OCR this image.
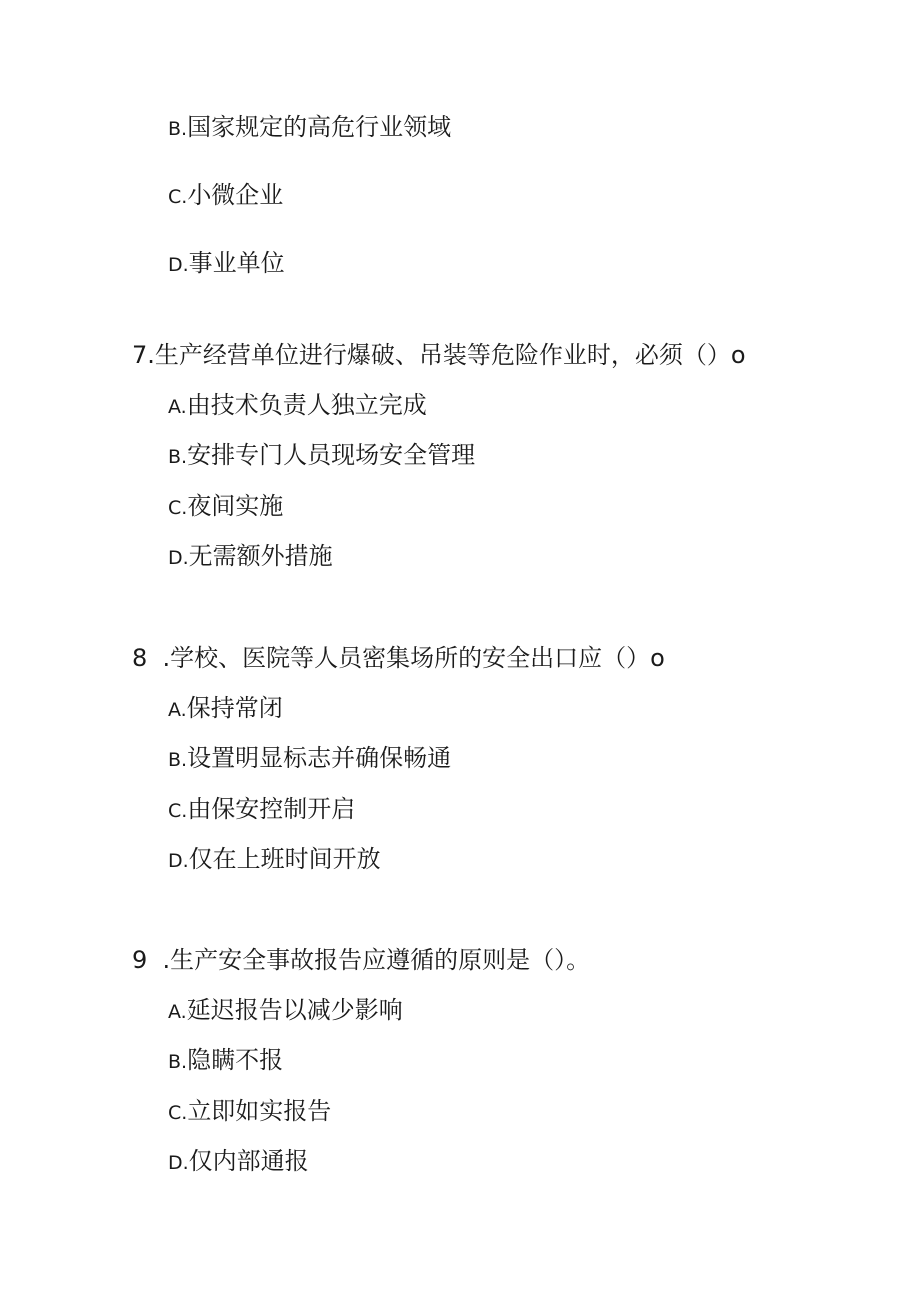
B.国家规定的高危行业领域
C.小微企业
D.事业单位
7.生产经营单位进行爆破、吊装等危险作业时，必须（）o
A.由技术负责人独立完成
B.安排专门人员现场安全管理
C.夜间实施
D.无需额外措施
8  .学校、医院等人员密集场所的安全出口应（）o
A.保持常闭
B.设置明显标志并确保畅通
C.由保安控制开启
D.仅在上班时间开放
9  .生产安全事故报告应遵循的原则是（）。
A.延迟报告以减少影响
B.隐瞒不报
C.立即如实报告
D.仅内部通报
